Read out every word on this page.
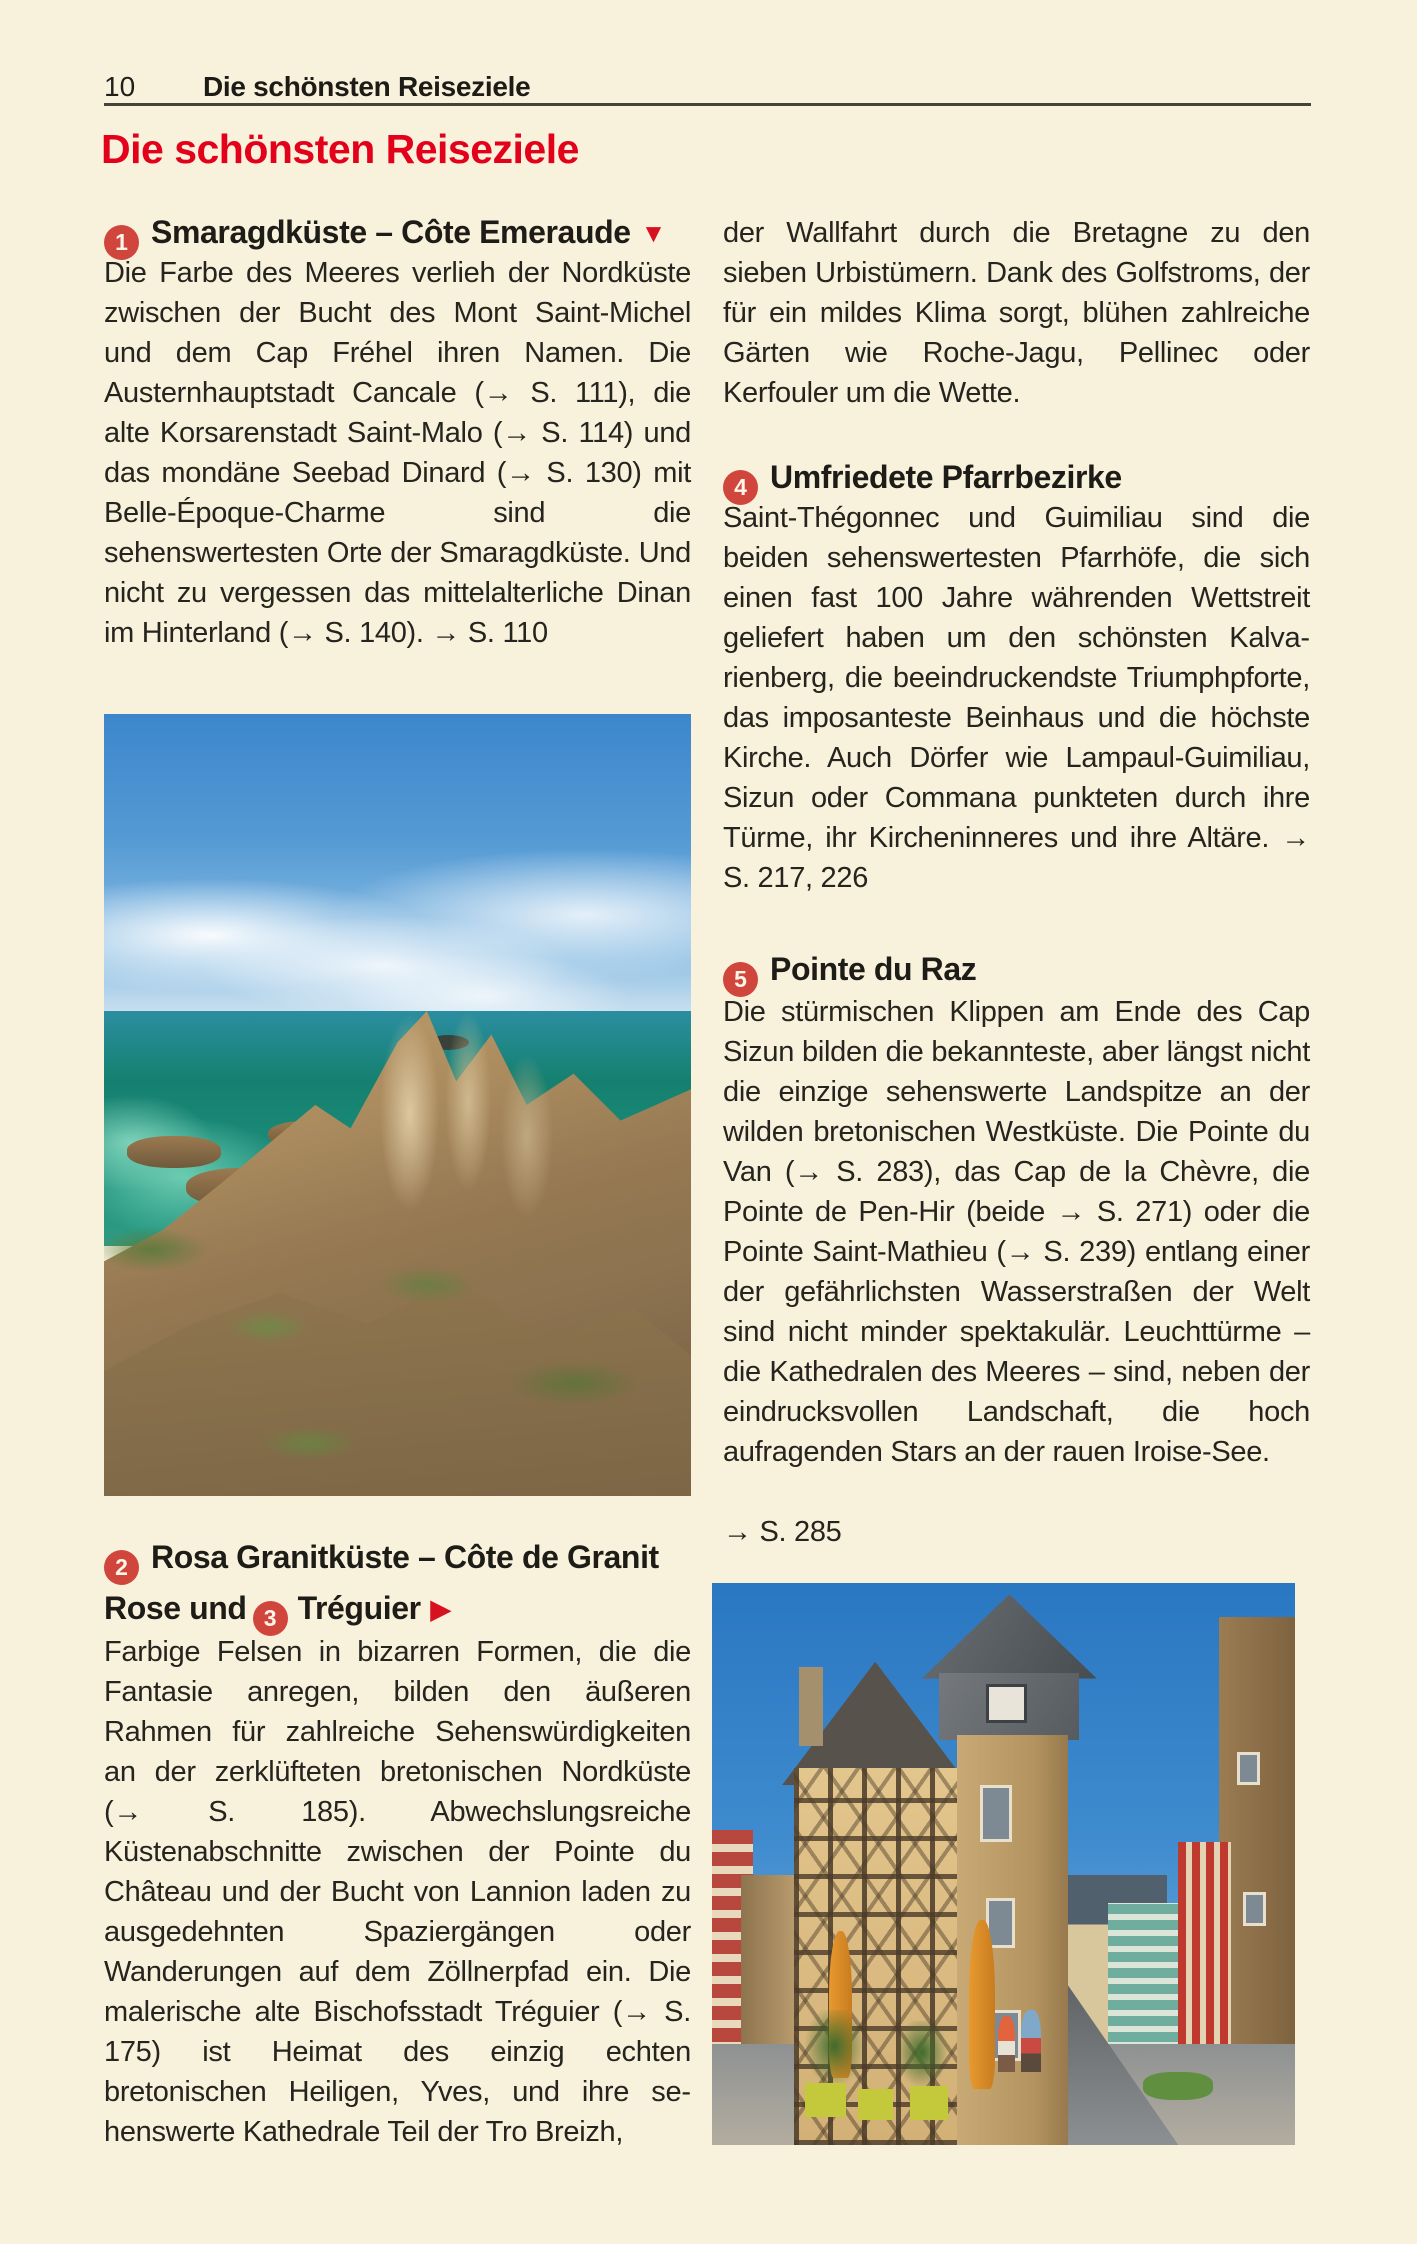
10 Die schönsten Reiseziele
Die schönsten Reiseziele
1 Smaragdküste – Côte Emeraude ▼
Die Farbe des Meeres verlieh der Nordküste zwischen der Bucht des Mont Saint-Michel und dem Cap Fréhel ihren Namen. Die Austernhauptstadt Cancale (→ S. 111), die alte Korsarenstadt Saint-Malo (→ S. 114) und das mondäne Seebad Dinard (→ S. 130) mit Belle-Époque-Charme sind die sehenswertesten Orte der Smaragdküste. Und nicht zu vergessen das mittelalterliche Dinan im Hinterland (→ S. 140). → S. 110
2 Rosa Granitküste – Côte de Granit Rose und 3 Tréguier ▶
Farbige Felsen in bizarren Formen, die die Fantasie anregen, bilden den äußeren Rahmen für zahlreiche Sehenswürdigkeiten an der zerklüfteten bretonischen Nordküste (→ S. 185). Abwechslungsreiche Küstenabschnitte zwischen der Pointe du Château und der Bucht von Lannion laden zu ausgedehnten Spaziergängen oder Wanderungen auf dem Zöllnerpfad ein. Die malerische alte Bischofsstadt Tréguier (→ S. 175) ist Heimat des einzig echten bretonischen Heiligen, Yves, und ihre sehenswerte Kathedrale Teil der Tro Breizh,
der Wallfahrt durch die Bretagne zu den sieben Urbistümern. Dank des Golfstroms, der für ein mildes Klima sorgt, blühen zahlreiche Gärten wie Roche-Jagu, Pellinec oder Kerfouler um die Wette.
4 Umfriedete Pfarrbezirke
Saint-Thégonnec und Guimiliau sind die beiden sehenswertesten Pfarrhöfe, die sich einen fast 100 Jahre währenden Wettstreit geliefert haben um den schönsten Kalvarienberg, die beeindruckendste Triumphpforte, das imposanteste Beinhaus und die höchste Kirche. Auch Dörfer wie Lampaul-Guimiliau, Sizun oder Commana punkteten durch ihre Türme, ihr Kircheninneres und ihre Altäre. → S. 217, 226
5 Pointe du Raz
Die stürmischen Klippen am Ende des Cap Sizun bilden die bekannteste, aber längst nicht die einzige sehenswerte Landspitze an der wilden bretonischen Westküste. Die Pointe du Van (→ S. 283), das Cap de la Chèvre, die Pointe de Pen-Hir (beide → S. 271) oder die Pointe Saint-Mathieu (→ S. 239) entlang einer der gefährlichsten Wasserstraßen der Welt sind nicht minder spektakulär. Leuchttürme – die Kathedralen des Meeres – sind, neben der eindrucksvollen Landschaft, die hoch aufragenden Stars an der rauen Iroise-See.
→ S. 285
